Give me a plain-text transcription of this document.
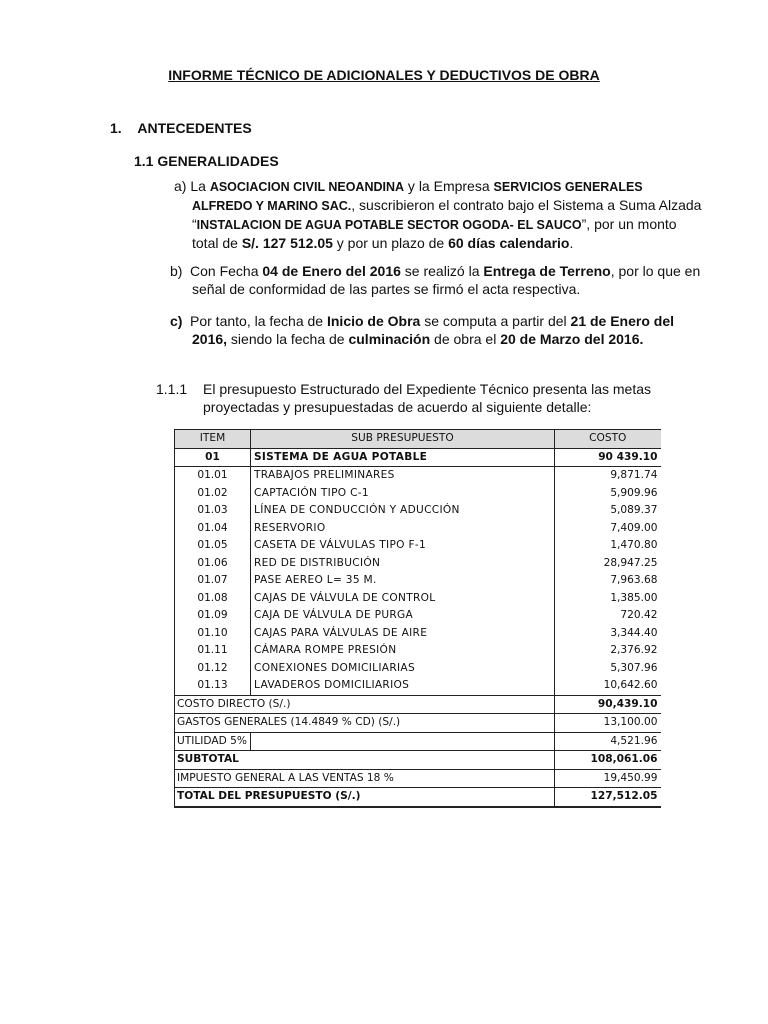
INFORME TÉCNICO DE ADICIONALES Y DEDUCTIVOS DE OBRA
1. ANTECEDENTES
1.1 GENERALIDADES
a) La ASOCIACION CIVIL NEOANDINA y la Empresa SERVICIOS GENERALES
ALFREDO Y MARINO SAC., suscribieron el contrato bajo el Sistema a Suma Alzada
“INSTALACION DE AGUA POTABLE SECTOR OGODA- EL SAUCO”, por un monto
total de S/. 127 512.05 y por un plazo de 60 días calendario.
b) Con Fecha 04 de Enero del 2016 se realizó la Entrega de Terreno, por lo que en
señal de conformidad de las partes se firmó el acta respectiva.
c) Por tanto, la fecha de Inicio de Obra se computa a partir del 21 de Enero del
2016, siendo la fecha de culminación de obra el 20 de Marzo del 2016.
1.1.1 El presupuesto Estructurado del Expediente Técnico presenta las metas
proyectadas y presupuestadas de acuerdo al siguiente detalle:
ITEM	SUB PRESUPUESTO	COSTO
01	SISTEMA DE AGUA POTABLE	90 439.10
01.01	TRABAJOS PRELIMINARES	9,871.74
01.02	CAPTACIÓN TIPO C-1	5,909.96
01.03	LÍNEA DE CONDUCCIÓN Y ADUCCIÓN	5,089.37
01.04	RESERVORIO	7,409.00
01.05	CASETA DE VÁLVULAS TIPO F-1	1,470.80
01.06	RED DE DISTRIBUCIÓN	28,947.25
01.07	PASE AEREO L= 35 M.	7,963.68
01.08	CAJAS DE VÁLVULA DE CONTROL	1,385.00
01.09	CAJA DE VÁLVULA DE PURGA	720.42
01.10	CAJAS PARA VÁLVULAS DE AIRE	3,344.40
01.11	CÁMARA ROMPE PRESIÓN	2,376.92
01.12	CONEXIONES DOMICILIARIAS	5,307.96
01.13	LAVADEROS DOMICILIARIOS	10,642.60
COSTO DIRECTO (S/.)		90,439.10
GASTOS GENERALES (14.4849 % CD) (S/.)		13,100.00
UTILIDAD 5%		4,521.96
SUBTOTAL		108,061.06
IMPUESTO GENERAL A LAS VENTAS 18 %		19,450.99
TOTAL DEL PRESUPUESTO (S/.)		127,512.05
